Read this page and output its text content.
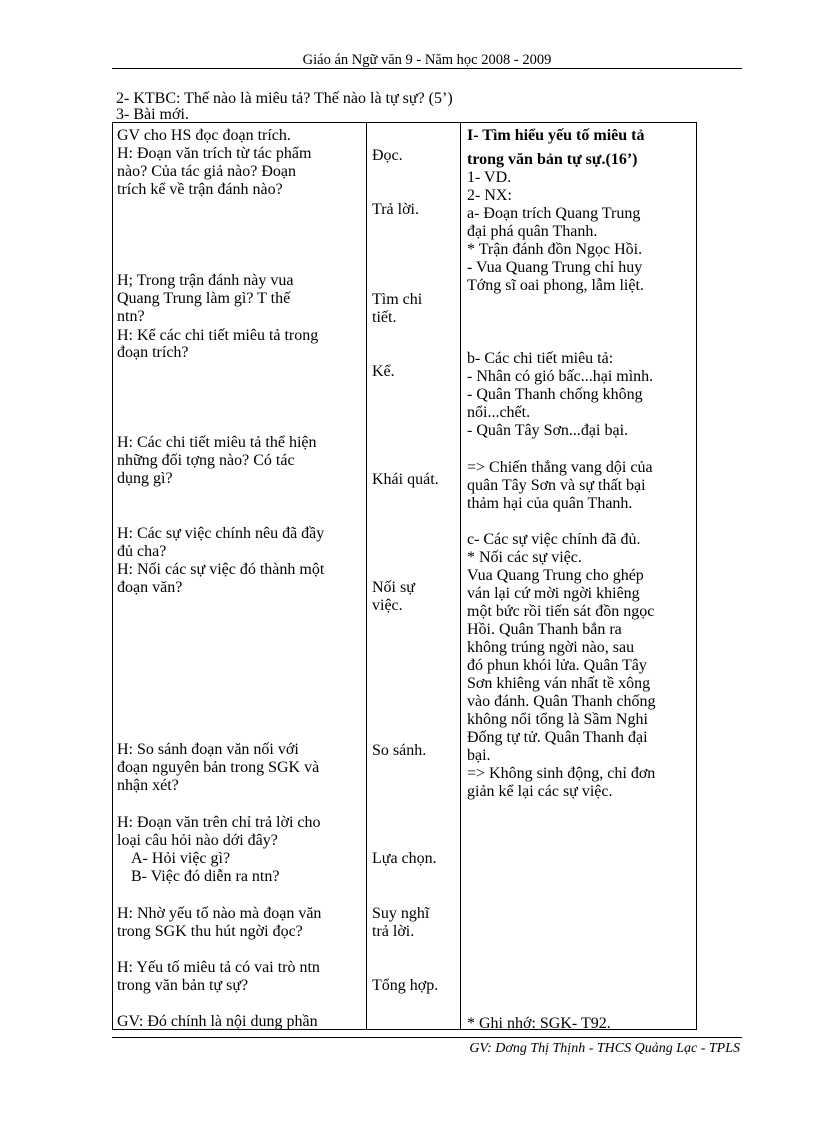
Giáo án Ngữ văn 9 - Năm học 2008 - 2009
2- KTBC: Thế nào là miêu tả? Thế nào là tự sự? (5’)
3- Bài mới.
GV cho HS đọc đoạn trích.
H: Đoạn văn trích từ tác phẩm
nào? Của tác giả nào? Đoạn
trích kể về trận đánh nào?
H; Trong trận đánh này vua
Quang Trung làm gì? T thế
ntn?
H: Kể các chi tiết miêu tả trong
đoạn trích?
H: Các chi tiết miêu tả thể hiện
những đối tợng nào? Có tác
dụng gì?
H: Các sự việc chính nêu đã đầy
đủ cha?
H: Nối các sự việc đó thành một
đoạn văn?
H: So sánh đoạn văn nối với
đoạn nguyên bản trong SGK và
nhận xét?
H: Đoạn văn trên chỉ trả lời cho
loại câu hỏi nào dới đây?
A- Hỏi việc gì?
B- Việc đó diễn ra ntn?
H: Nhờ yếu tố nào mà đoạn văn
trong SGK thu hút ngời đọc?
H: Yếu tố miêu tả có vai trò ntn
trong văn bản tự sự?
GV: Đó chính là nội dung phần
Đọc.
Trả lời.
Tìm chi
tiết.
Kể.
Khái quát.
Nối sự
việc.
So sánh.
Lựa chọn.
Suy nghĩ
trả lời.
Tổng hợp.
I- Tìm hiểu yếu tố miêu tả
trong văn bản tự sự.(16’)
1- VD.
2- NX:
a- Đoạn trích Quang Trung
đại phá quân Thanh.
* Trận đánh đồn Ngọc Hồi.
- Vua Quang Trung chỉ huy
Tớng sĩ oai phong, lẫm liệt.
b- Các chi tiết miêu tả:
- Nhân có gió bấc...hại mình.
- Quân Thanh chống không
nổi...chết.
- Quân Tây Sơn...đại bại.
=> Chiến thắng vang dội của
quân Tây Sơn và sự thất bại
thảm hại của quân Thanh.
c- Các sự việc chính đã đủ.
* Nối các sự việc.
Vua Quang Trung cho ghép
ván lại cứ mời ngời khiêng
một bức rồi tiến sát đồn ngọc
Hồi. Quân Thanh bắn ra
không trúng ngời nào, sau
đó phun khói lửa. Quân Tây
Sơn khiêng ván nhất tề xông
vào đánh. Quân Thanh chống
không nổi tổng là Sầm Nghi
Đống tự tử. Quân Thanh đại
bại.
=> Không sinh động, chỉ đơn
giản kể lại các sự việc.
* Ghi nhớ: SGK- T92.
GV: Dơng Thị Thịnh - THCS Quảng Lạc - TPLS
